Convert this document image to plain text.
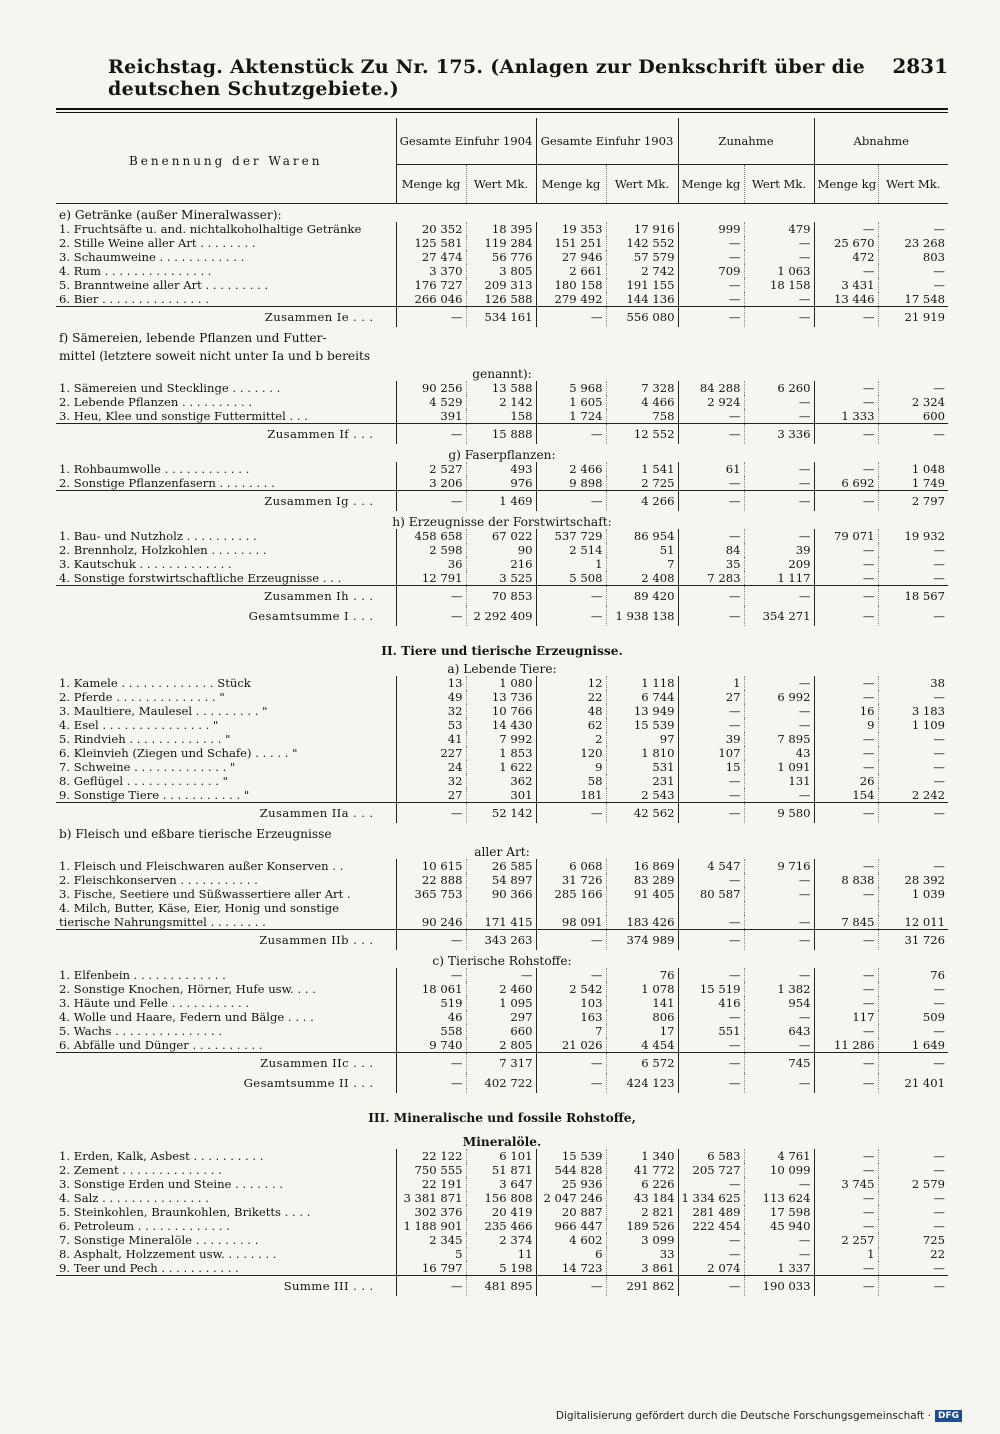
Reichstag. Aktenstück Zu Nr. 175. (Anlagen zur Denkschrift über die deutschen Schutzgebiete.)
2831
Benennung der Waren	Gesamte Einfuhr 1904		Gesamte Einfuhr 1903		Zunahme		Abnahme	
	Menge kg	Wert Mk.	Menge kg	Wert Mk.	Menge kg	Wert Mk.	Menge kg	Wert Mk.
e) Getränke (außer Mineralwasser):								
1. Fruchtsäfte u. and. nichtalkoholhaltige Getränke	20 352	18 395	19 353	17 916	999	479	—	—
2. Stille Weine aller Art . . . . . . . .	125 581	119 284	151 251	142 552	—	—	25 670	23 268
3. Schaumweine . . . . . . . . . . . .	27 474	56 776	27 946	57 579	—	—	472	803
4. Rum . . . . . . . . . . . . . . .	3 370	3 805	2 661	2 742	709	1 063	—	—
5. Branntweine aller Art . . . . . . . . .	176 727	209 313	180 158	191 155	—	18 158	3 431	—
6. Bier . . . . . . . . . . . . . . .	266 046	126 588	279 492	144 136	—	—	13 446	17 548
Zusammen Ie . . .	—	534 161	—	556 080	—	—	—	21 919
f) Sämereien, lebende Pflanzen und Futter-								
mittel (letztere soweit nicht unter Ia und b bereits								
genannt):								
1. Sämereien und Stecklinge . . . . . . .	90 256	13 588	5 968	7 328	84 288	6 260	—	—
2. Lebende Pflanzen . . . . . . . . . .	4 529	2 142	1 605	4 466	2 924	—	—	2 324
3. Heu, Klee und sonstige Futtermittel . . .	391	158	1 724	758	—	—	1 333	600
Zusammen If . . .	—	15 888	—	12 552	—	3 336	—	—
g) Faserpflanzen:								
1. Rohbaumwolle . . . . . . . . . . . .	2 527	493	2 466	1 541	61	—	—	1 048
2. Sonstige Pflanzenfasern . . . . . . . .	3 206	976	9 898	2 725	—	—	6 692	1 749
Zusammen Ig . . .	—	1 469	—	4 266	—	—	—	2 797
h) Erzeugnisse der Forstwirtschaft:								
1. Bau- und Nutzholz . . . . . . . . . .	458 658	67 022	537 729	86 954	—	—	79 071	19 932
2. Brennholz, Holzkohlen . . . . . . . .	2 598	90	2 514	51	84	39	—	—
3. Kautschuk . . . . . . . . . . . . .	36	216	1	7	35	209	—	—
4. Sonstige forstwirtschaftliche Erzeugnisse . . .	12 791	3 525	5 508	2 408	7 283	1 117	—	—
Zusammen Ih . . .	—	70 853	—	89 420	—	—	—	18 567
Gesamtsumme I . . .	—	2 292 409	—	1 938 138	—	354 271	—	—

II. Tiere und tierische Erzeugnisse.								
a) Lebende Tiere:								
1. Kamele . . . . . . . . . . . . . Stück	13	1 080	12	1 118	1	—	—	38
2. Pferde . . . . . . . . . . . . . . "	49	13 736	22	6 744	27	6 992	—	—
3. Maultiere, Maulesel . . . . . . . . . "	32	10 766	48	13 949	—	—	16	3 183
4. Esel . . . . . . . . . . . . . . . "	53	14 430	62	15 539	—	—	9	1 109
5. Rindvieh . . . . . . . . . . . . . "	41	7 992	2	97	39	7 895	—	—
6. Kleinvieh (Ziegen und Schafe) . . . . . "	227	1 853	120	1 810	107	43	—	—
7. Schweine . . . . . . . . . . . . . "	24	1 622	9	531	15	1 091	—	—
8. Geflügel . . . . . . . . . . . . . "	32	362	58	231	—	131	26	—
9. Sonstige Tiere . . . . . . . . . . . "	27	301	181	2 543	—	—	154	2 242
Zusammen IIa . . .	—	52 142	—	42 562	—	9 580	—	—
b) Fleisch und eßbare tierische Erzeugnisse								
aller Art:								
1. Fleisch und Fleischwaren außer Konserven . .	10 615	26 585	6 068	16 869	4 547	9 716	—	—
2. Fleischkonserven . . . . . . . . . . .	22 888	54 897	31 726	83 289	—	—	8 838	28 392
3. Fische, Seetiere und Süßwassertiere aller Art .	365 753	90 366	285 166	91 405	80 587	—	—	1 039
4. Milch, Butter, Käse, Eier, Honig und sonstige								
tierische Nahrungsmittel . . . . . . . .	90 246	171 415	98 091	183 426	—	—	7 845	12 011
Zusammen IIb . . .	—	343 263	—	374 989	—	—	—	31 726
c) Tierische Rohstoffe:								
1. Elfenbein . . . . . . . . . . . . .	—	—	—	76	—	—	—	76
2. Sonstige Knochen, Hörner, Hufe usw. . . .	18 061	2 460	2 542	1 078	15 519	1 382	—	—
3. Häute und Felle . . . . . . . . . . .	519	1 095	103	141	416	954	—	—
4. Wolle und Haare, Federn und Bälge . . . .	46	297	163	806	—	—	117	509
5. Wachs . . . . . . . . . . . . . . .	558	660	7	17	551	643	—	—
6. Abfälle und Dünger . . . . . . . . . .	9 740	2 805	21 026	4 454	—	—	11 286	1 649
Zusammen IIc . . .	—	7 317	—	6 572	—	745	—	—
Gesamtsumme II . . .	—	402 722	—	424 123	—	—	—	21 401

III. Mineralische und fossile Rohstoffe,								
Mineralöle.								
1. Erden, Kalk, Asbest . . . . . . . . . .	22 122	6 101	15 539	1 340	6 583	4 761	—	—
2. Zement . . . . . . . . . . . . . .	750 555	51 871	544 828	41 772	205 727	10 099	—	—
3. Sonstige Erden und Steine . . . . . . .	22 191	3 647	25 936	6 226	—	—	3 745	2 579
4. Salz . . . . . . . . . . . . . . .	3 381 871	156 808	2 047 246	43 184	1 334 625	113 624	—	—
5. Steinkohlen, Braunkohlen, Briketts . . . .	302 376	20 419	20 887	2 821	281 489	17 598	—	—
6. Petroleum . . . . . . . . . . . . .	1 188 901	235 466	966 447	189 526	222 454	45 940	—	—
7. Sonstige Mineralöle . . . . . . . . .	2 345	2 374	4 602	3 099	—	—	2 257	725
8. Asphalt, Holzzement usw. . . . . . . .	5	11	6	33	—	—	1	22
9. Teer und Pech . . . . . . . . . . .	16 797	5 198	14 723	3 861	2 074	1 337	—	—
Summe III . . .	—	481 895	—	291 862	—	190 033	—	—
Digitalisierung gefördert durch die Deutsche Forschungsgemeinschaft · DFG
